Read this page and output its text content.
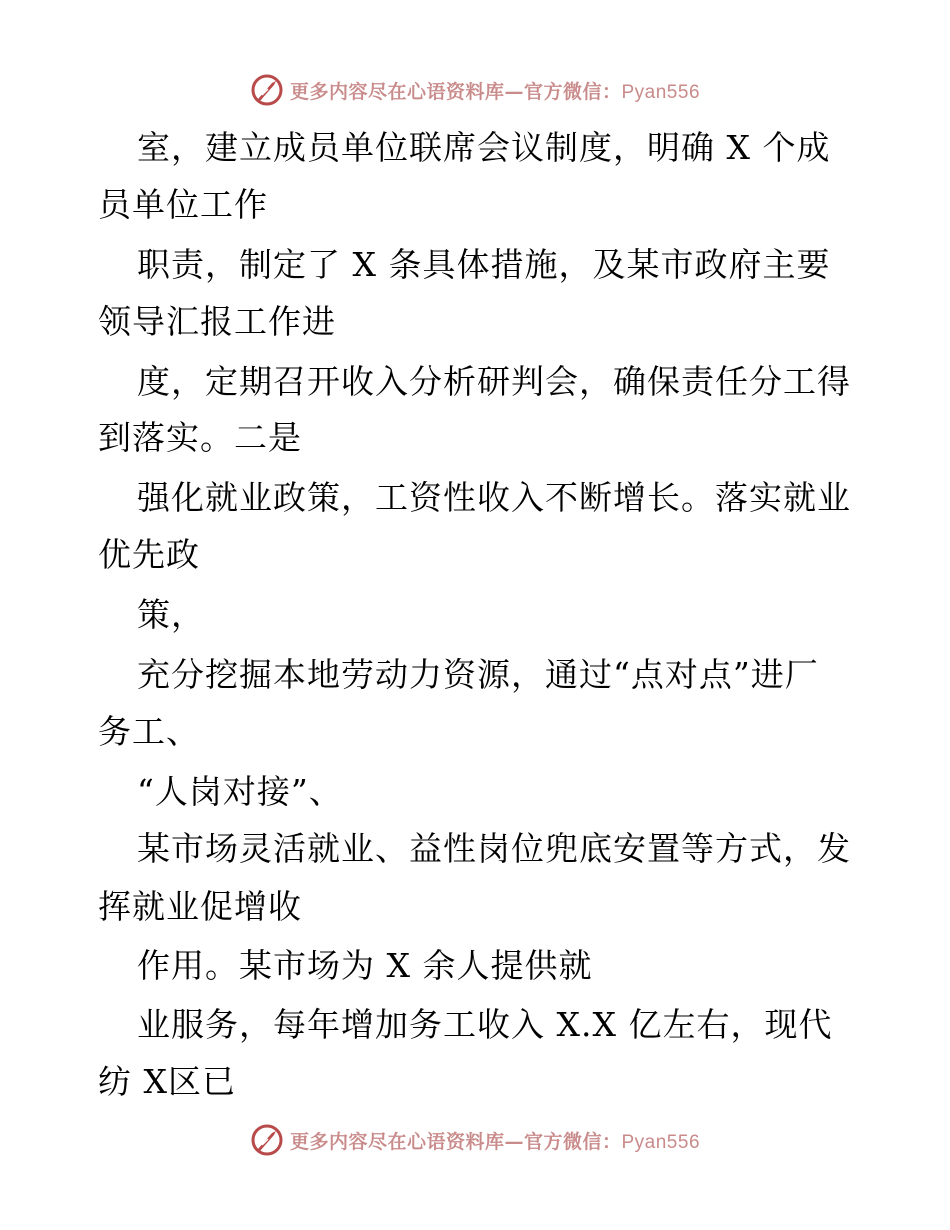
更多内容尽在心语资料库—官方微信：Pyan556
室，建立成员单位联席会议制度，明确 X 个成
员单位工作
职责，制定了 X 条具体措施，及某市政府主要
领导汇报工作进
度，定期召开收入分析研判会，确保责任分工得
到落实。二是
强化就业政策，工资性收入不断增长。落实就业
优先政
策，
充分挖掘本地劳动力资源，通过“点对点”进厂
务工、
“人岗对接”、
某市场灵活就业、益性岗位兜底安置等方式，发
挥就业促增收
作用。某市场为 X 余人提供就
业服务，每年增加务工收入 X.X 亿左右，现代
纺 X区已
更多内容尽在心语资料库—官方微信：Pyan556
